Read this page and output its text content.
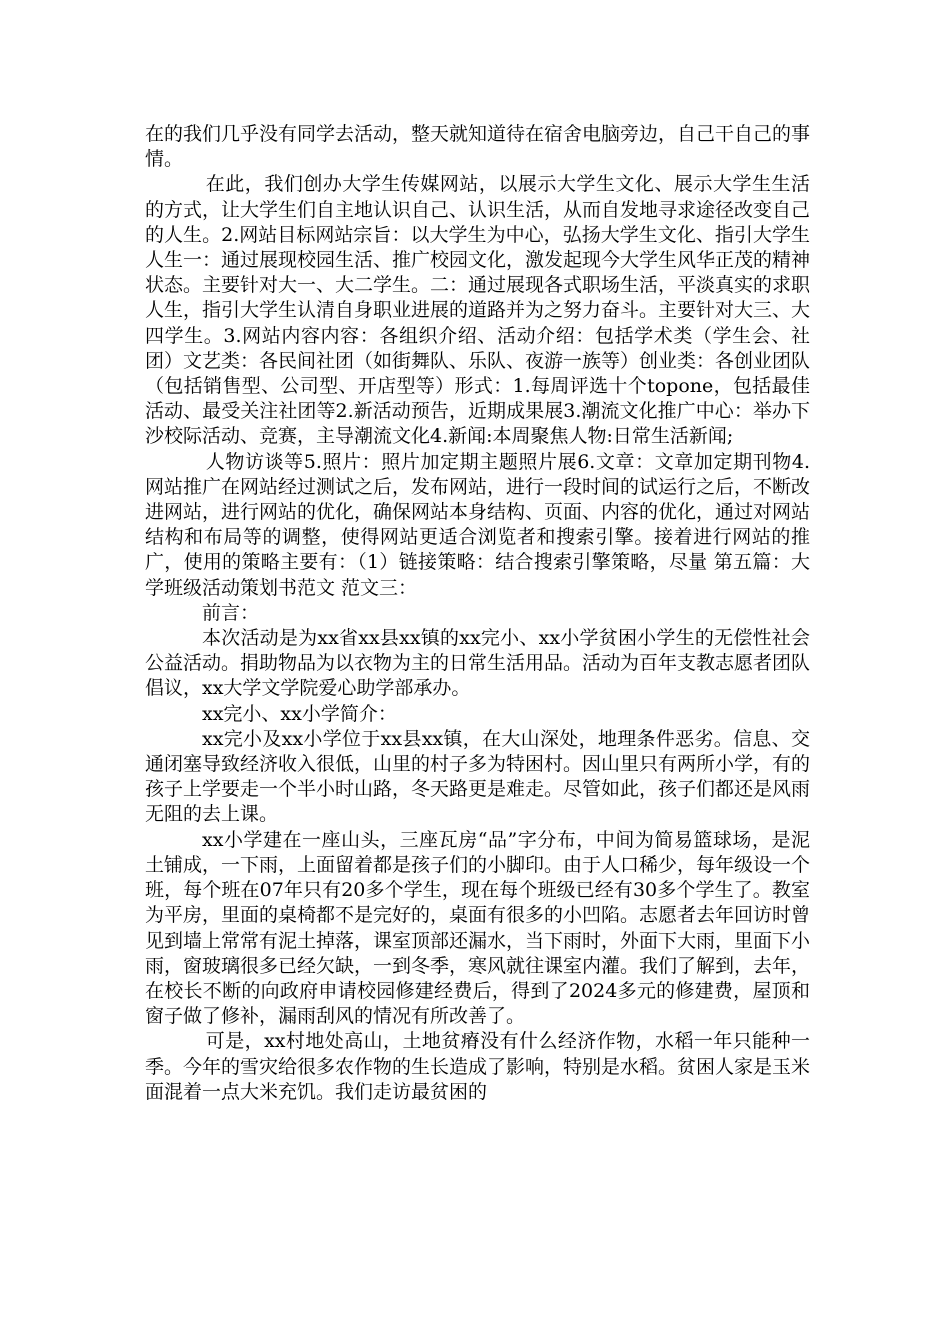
在的我们几乎没有同学去活动，整天就知道待在宿舍电脑旁边，自己干自己的事情。

在此，我们创办大学生传媒网站，以展示大学生文化、展示大学生生活的方式，让大学生们自主地认识自己、认识生活，从而自发地寻求途径改变自己的人生。2.网站目标网站宗旨：以大学生为中心，弘扬大学生文化、指引大学生人生一：通过展现校园生活、推广校园文化，激发起现今大学生风华正茂的精神状态。主要针对大一、大二学生。二：通过展现各式职场生活，平淡真实的求职人生，指引大学生认清自身职业进展的道路并为之努力奋斗。主要针对大三、大四学生。3.网站内容内容：各组织介绍、活动介绍：包括学术类（学生会、社团）文艺类：各民间社团（如街舞队、乐队、夜游一族等）创业类：各创业团队（包括销售型、公司型、开店型等）形式：1.每周评选十个topone，包括最佳活动、最受关注社团等2.新活动预告，近期成果展3.潮流文化推广中心：举办下沙校际活动、竞赛，主导潮流文化4.新闻:本周聚焦人物:日常生活新闻;

人物访谈等5.照片：照片加定期主题照片展6.文章：文章加定期刊物4.网站推广在网站经过测试之后，发布网站，进行一段时间的试运行之后，不断改进网站，进行网站的优化，确保网站本身结构、页面、内容的优化，通过对网站结构和布局等的调整，使得网站更适合浏览者和搜索引擎。接着进行网站的推广，使用的策略主要有：（1）链接策略：结合搜索引擎策略，尽量 第五篇：大学班级活动策划书范文 范文三：

前言：

本次活动是为xx省xx县xx镇的xx完小、xx小学贫困小学生的无偿性社会公益活动。捐助物品为以衣物为主的日常生活用品。活动为百年支教志愿者团队倡议，xx大学文学院爱心助学部承办。

xx完小、xx小学简介：

xx完小及xx小学位于xx县xx镇，在大山深处，地理条件恶劣。信息、交通闭塞导致经济收入很低，山里的村子多为特困村。因山里只有两所小学，有的孩子上学要走一个半小时山路，冬天路更是难走。尽管如此，孩子们都还是风雨无阻的去上课。

xx小学建在一座山头，三座瓦房“品”字分布，中间为简易篮球场，是泥土铺成，一下雨，上面留着都是孩子们的小脚印。由于人口稀少，每年级设一个班，每个班在07年只有20多个学生，现在每个班级已经有30多个学生了。教室为平房，里面的桌椅都不是完好的，桌面有很多的小凹陷。志愿者去年回访时曾见到墙上常常有泥土掉落，课室顶部还漏水，当下雨时，外面下大雨，里面下小雨，窗玻璃很多已经欠缺，一到冬季，寒风就往课室内灌。我们了解到，去年，在校长不断的向政府申请校园修建经费后，得到了2024多元的修建费，屋顶和窗子做了修补，漏雨刮风的情况有所改善了。

可是，xx村地处高山，土地贫瘠没有什么经济作物，水稻一年只能种一季。今年的雪灾给很多农作物的生长造成了影响，特别是水稻。贫困人家是玉米面混着一点大米充饥。我们走访最贫困的
